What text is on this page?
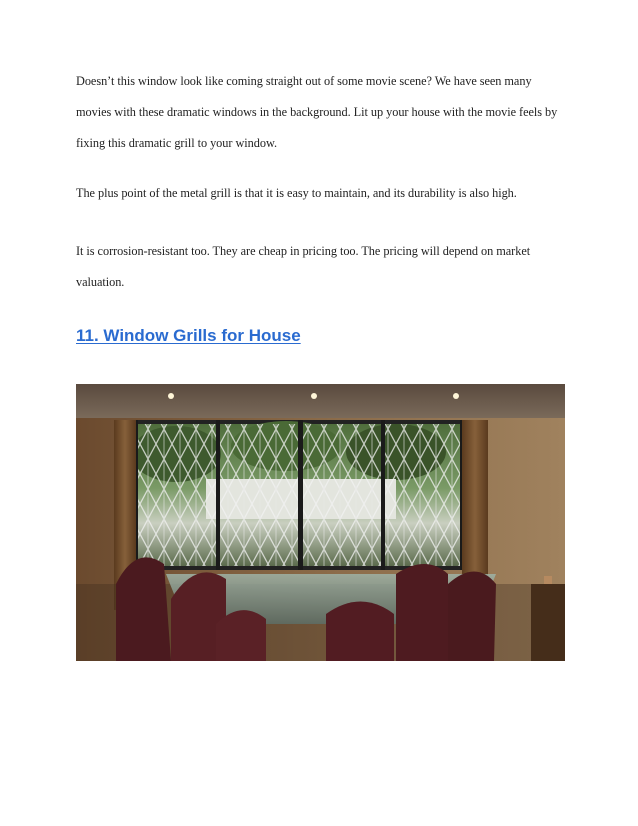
Doesn’t this window look like coming straight out of some movie scene? We have seen many movies with these dramatic windows in the background. Lit up your house with the movie feels by fixing this dramatic grill to your window.

The plus point of the metal grill is that it is easy to maintain, and its durability is also high.

It is corrosion-resistant too. They are cheap in pricing too. The pricing will depend on market valuation.

11. Window Grills for House
